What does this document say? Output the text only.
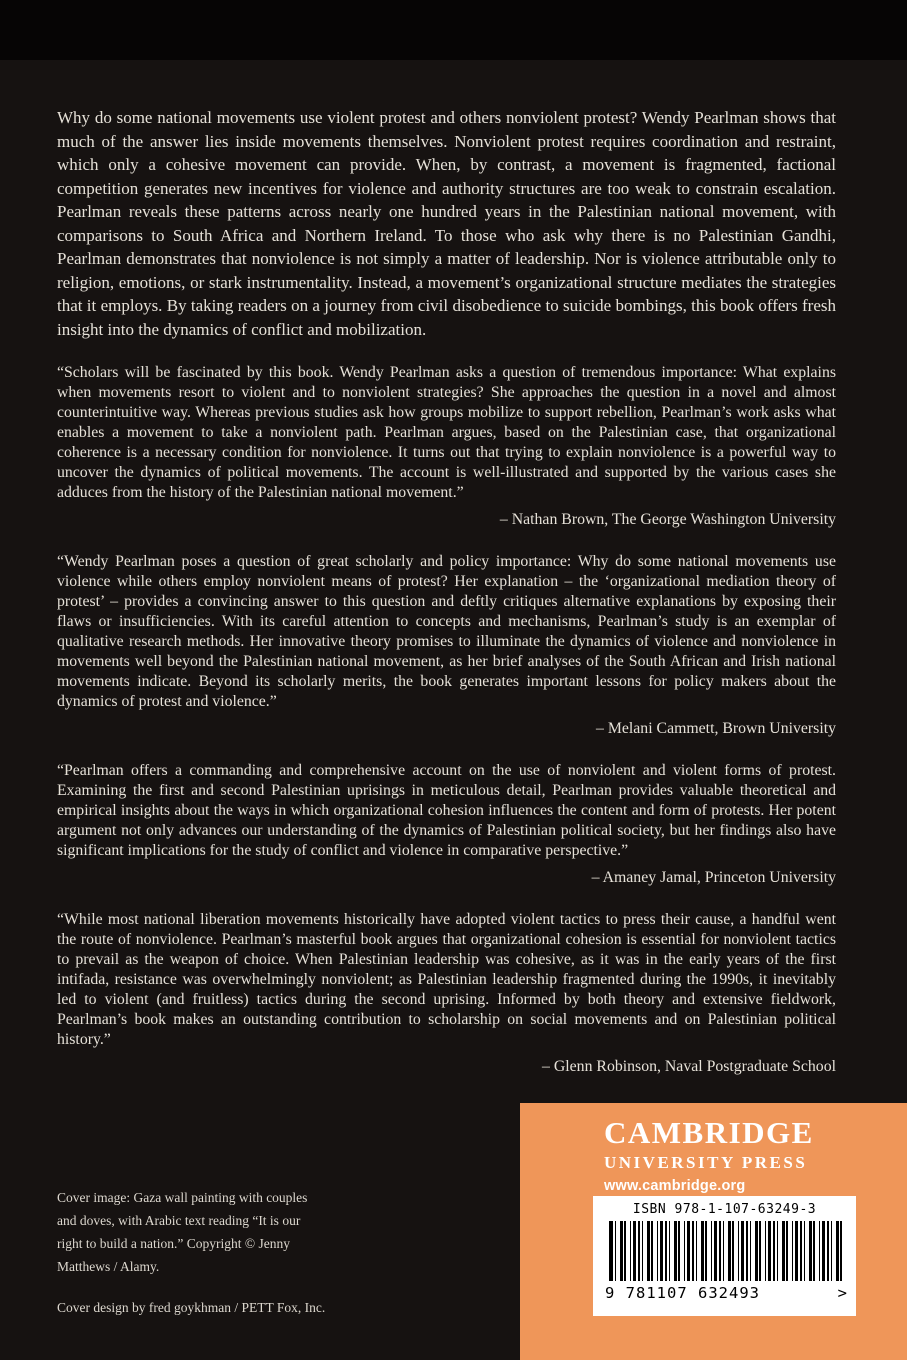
Why do some national movements use violent protest and others nonviolent protest? Wendy Pearlman shows that much of the answer lies inside movements themselves. Nonviolent protest requires coordination and restraint, which only a cohesive movement can provide. When, by contrast, a movement is fragmented, factional competition generates new incentives for violence and authority structures are too weak to constrain escalation. Pearlman reveals these patterns across nearly one hundred years in the Palestinian national movement, with comparisons to South Africa and Northern Ireland. To those who ask why there is no Palestinian Gandhi, Pearlman demonstrates that nonviolence is not simply a matter of leadership. Nor is violence attributable only to religion, emotions, or stark instrumentality. Instead, a movement’s organizational structure mediates the strategies that it employs. By taking readers on a journey from civil disobedience to suicide bombings, this book offers fresh insight into the dynamics of conflict and mobilization.

“Scholars will be fascinated by this book. Wendy Pearlman asks a question of tremendous importance: What explains when movements resort to violent and to nonviolent strategies? She approaches the question in a novel and almost counterintuitive way. Whereas previous studies ask how groups mobilize to support rebellion, Pearlman’s work asks what enables a movement to take a nonviolent path. Pearlman argues, based on the Palestinian case, that organizational coherence is a necessary condition for nonviolence. It turns out that trying to explain nonviolence is a powerful way to uncover the dynamics of political movements. The account is well-illustrated and supported by the various cases she adduces from the history of the Palestinian national movement.”

– Nathan Brown, The George Washington University

“Wendy Pearlman poses a question of great scholarly and policy importance: Why do some national movements use violence while others employ nonviolent means of protest? Her explanation – the ‘organizational mediation theory of protest’ – provides a convincing answer to this question and deftly critiques alternative explanations by exposing their flaws or insufficiencies. With its careful attention to concepts and mechanisms, Pearlman’s study is an exemplar of qualitative research methods. Her innovative theory promises to illuminate the dynamics of violence and nonviolence in movements well beyond the Palestinian national movement, as her brief analyses of the South African and Irish national movements indicate. Beyond its scholarly merits, the book generates important lessons for policy makers about the dynamics of protest and violence.”

– Melani Cammett, Brown University

“Pearlman offers a commanding and comprehensive account on the use of nonviolent and violent forms of protest. Examining the first and second Palestinian uprisings in meticulous detail, Pearlman provides valuable theoretical and empirical insights about the ways in which organizational cohesion influences the content and form of protests. Her potent argument not only advances our understanding of the dynamics of Palestinian political society, but her findings also have significant implications for the study of conflict and violence in comparative perspective.”

– Amaney Jamal, Princeton University

“While most national liberation movements historically have adopted violent tactics to press their cause, a handful went the route of nonviolence. Pearlman’s masterful book argues that organizational cohesion is essential for nonviolent tactics to prevail as the weapon of choice. When Palestinian leadership was cohesive, as it was in the early years of the first intifada, resistance was overwhelmingly nonviolent; as Palestinian leadership fragmented during the 1990s, it inevitably led to violent (and fruitless) tactics during the second uprising. Informed by both theory and extensive fieldwork, Pearlman’s book makes an outstanding contribution to scholarship on social movements and on Palestinian political history.”

– Glenn Robinson, Naval Postgraduate School

Cover image: Gaza wall painting with couples and doves, with Arabic text reading “It is our right to build a nation.” Copyright © Jenny Matthews / Alamy.

Cover design by fred goykhman / PETT Fox, Inc.

CAMBRIDGE
UNIVERSITY PRESS
www.cambridge.org
ISBN 978-1-107-63249-3
9 781107 632493	>
